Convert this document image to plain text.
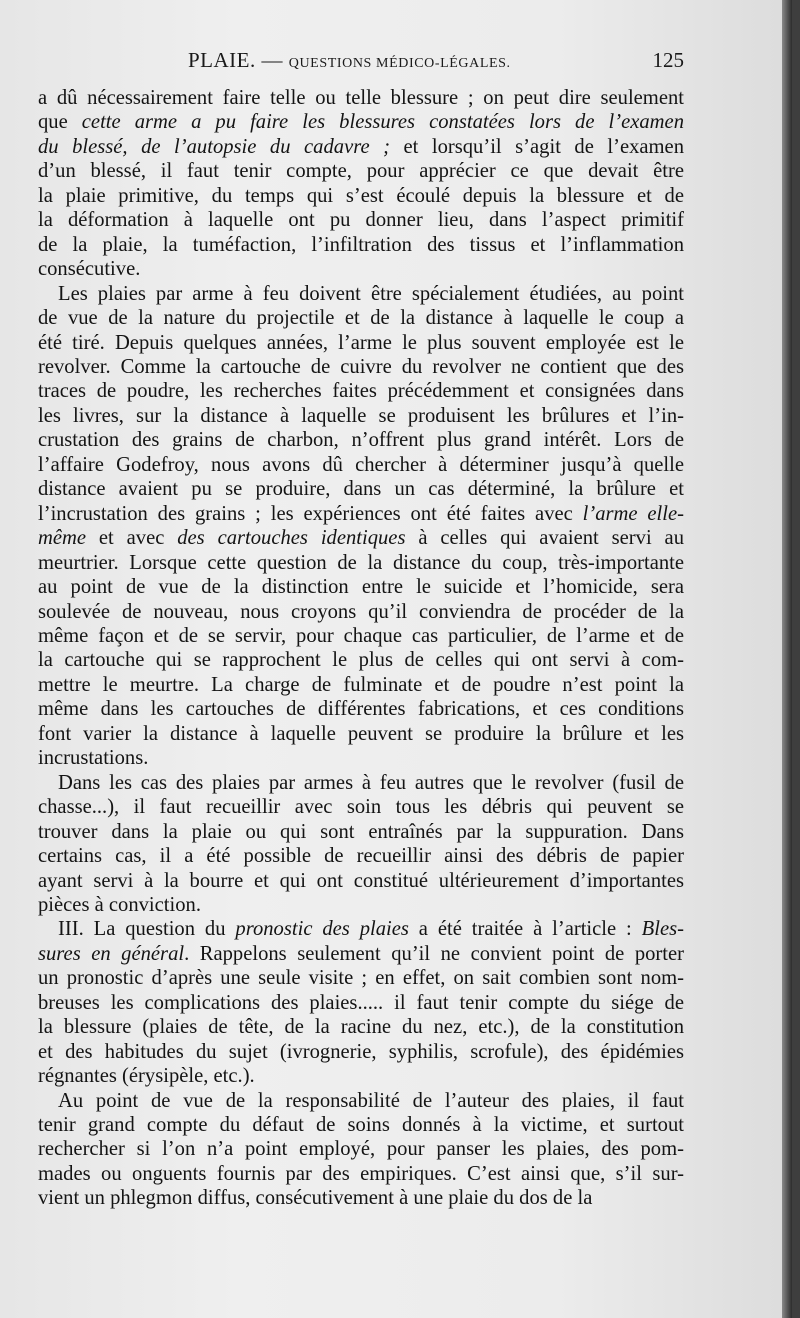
PLAIE. — QUESTIONS MÉDICO-LÉGALES.	125
a dû nécessairement faire telle ou telle blessure ; on peut dire seulement
que cette arme a pu faire les blessures constatées lors de l’examen
du blessé, de l’autopsie du cadavre ; et lorsqu’il s’agit de l’examen
d’un blessé, il faut tenir compte, pour apprécier ce que devait être
la plaie primitive, du temps qui s’est écoulé depuis la blessure et de
la déformation à laquelle ont pu donner lieu, dans l’aspect primitif
de la plaie, la tuméfaction, l’infiltration des tissus et l’inflammation
consécutive.
Les plaies par arme à feu doivent être spécialement étudiées, au point
de vue de la nature du projectile et de la distance à laquelle le coup a
été tiré. Depuis quelques années, l’arme le plus souvent employée est le
revolver. Comme la cartouche de cuivre du revolver ne contient que des
traces de poudre, les recherches faites précédemment et consignées dans
les livres, sur la distance à laquelle se produisent les brûlures et l’in-
crustation des grains de charbon, n’offrent plus grand intérêt. Lors de
l’affaire Godefroy, nous avons dû chercher à déterminer jusqu’à quelle
distance avaient pu se produire, dans un cas déterminé, la brûlure et
l’incrustation des grains ; les expériences ont été faites avec l’arme elle-
même et avec des cartouches identiques à celles qui avaient servi au
meurtrier. Lorsque cette question de la distance du coup, très-importante
au point de vue de la distinction entre le suicide et l’homicide, sera
soulevée de nouveau, nous croyons qu’il conviendra de procéder de la
même façon et de se servir, pour chaque cas particulier, de l’arme et de
la cartouche qui se rapprochent le plus de celles qui ont servi à com-
mettre le meurtre. La charge de fulminate et de poudre n’est point la
même dans les cartouches de différentes fabrications, et ces conditions
font varier la distance à laquelle peuvent se produire la brûlure et les
incrustations.
Dans les cas des plaies par armes à feu autres que le revolver (fusil de
chasse...), il faut recueillir avec soin tous les débris qui peuvent se
trouver dans la plaie ou qui sont entraînés par la suppuration. Dans
certains cas, il a été possible de recueillir ainsi des débris de papier
ayant servi à la bourre et qui ont constitué ultérieurement d’importantes
pièces à conviction.
III. La question du pronostic des plaies a été traitée à l’article : Bles-
sures en général. Rappelons seulement qu’il ne convient point de porter
un pronostic d’après une seule visite ; en effet, on sait combien sont nom-
breuses les complications des plaies..... il faut tenir compte du siége de
la blessure (plaies de tête, de la racine du nez, etc.), de la constitution
et des habitudes du sujet (ivrognerie, syphilis, scrofule), des épidémies
régnantes (érysipèle, etc.).
Au point de vue de la responsabilité de l’auteur des plaies, il faut
tenir grand compte du défaut de soins donnés à la victime, et surtout
rechercher si l’on n’a point employé, pour panser les plaies, des pom-
mades ou onguents fournis par des empiriques. C’est ainsi que, s’il sur-
vient un phlegmon diffus, consécutivement à une plaie du dos de la
